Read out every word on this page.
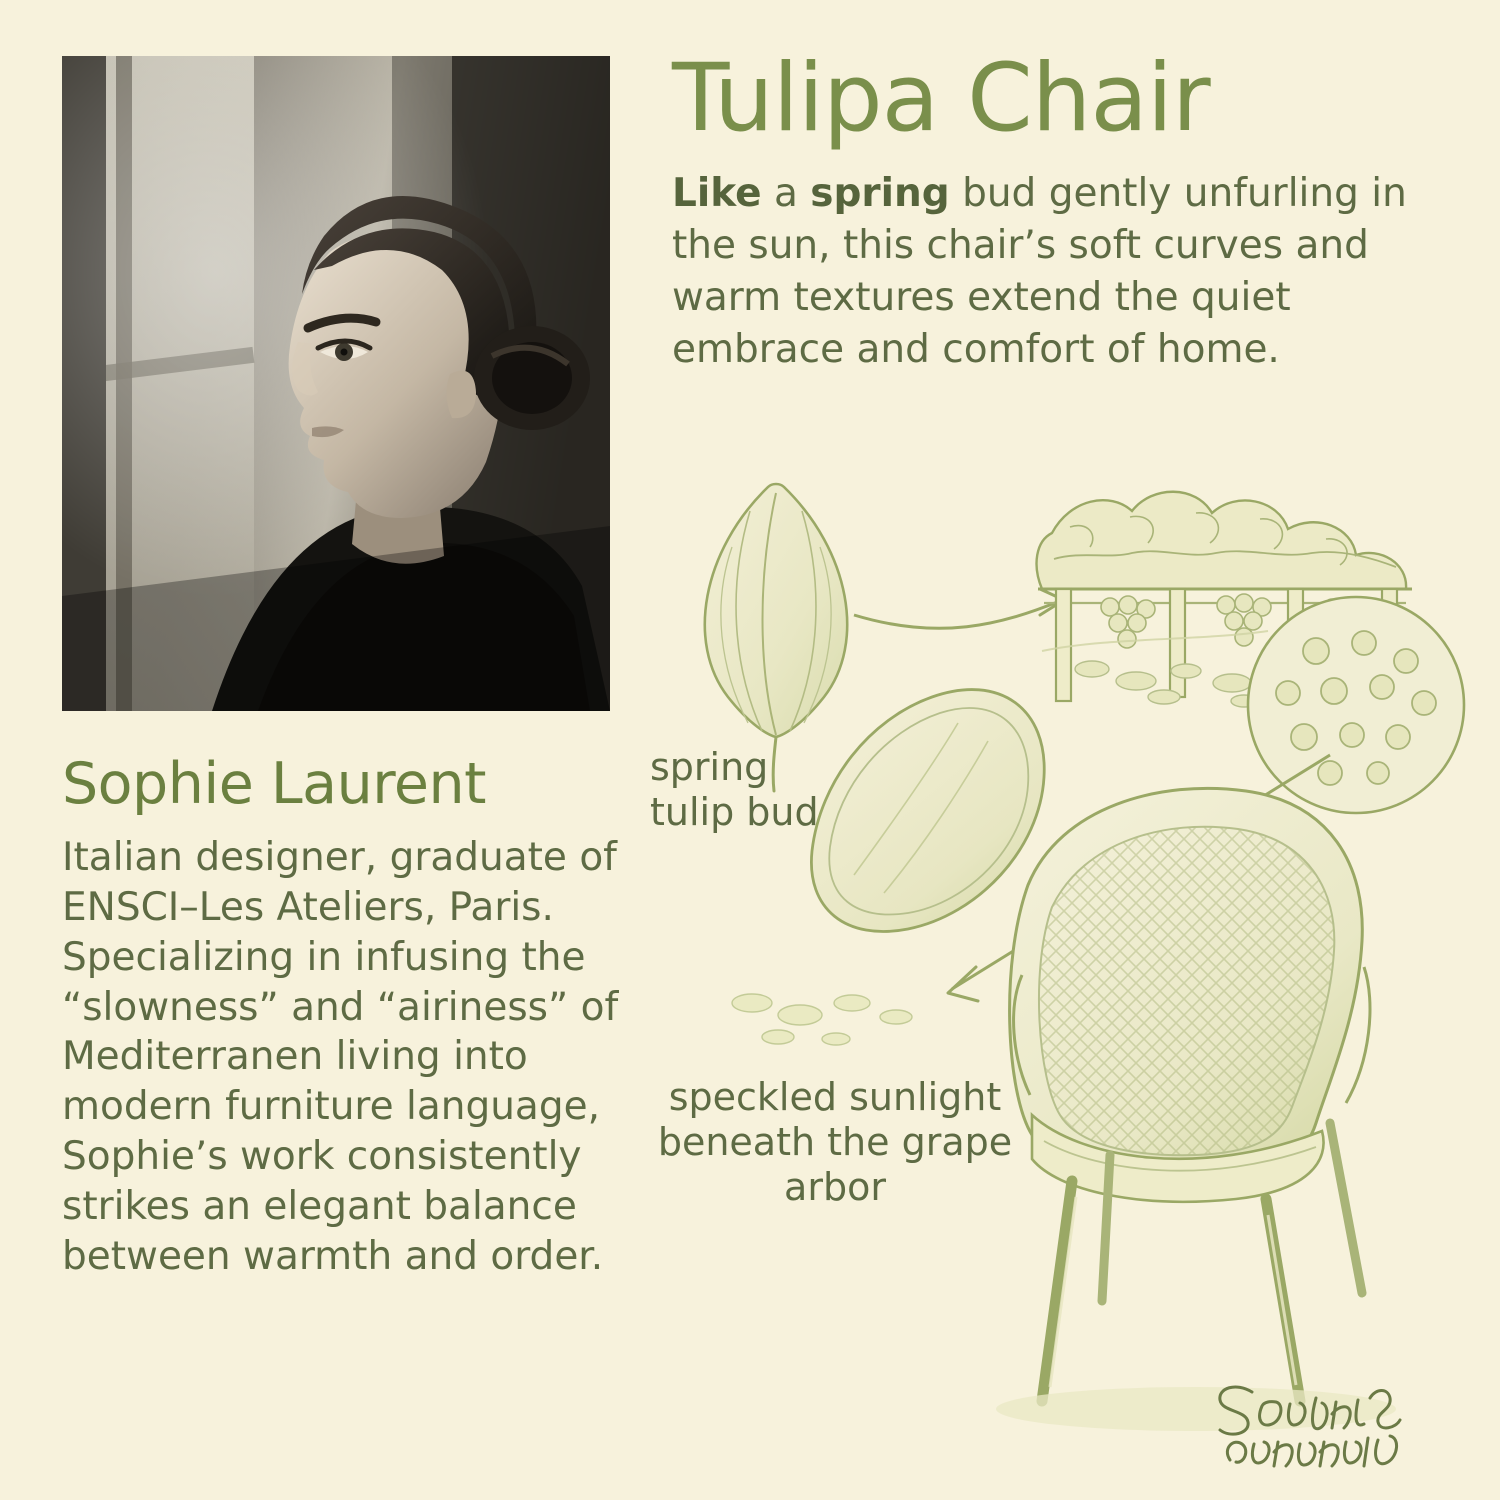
Sophie Laurent
Italian designer, graduate of ENSCI–Les Ateliers, Paris. Specializing in infusing the “slowness” and “airiness” of Mediterranen living into modern furniture language, Sophie’s work consistently strikes an elegant balance between warmth and order.
Tulipa Chair
Like a spring bud gently unfurling in the sun, this chair’s soft curves and warm textures extend the quiet embrace and comfort of home.
spring tulip bud
speckled sunlight beneath the grape arbor
